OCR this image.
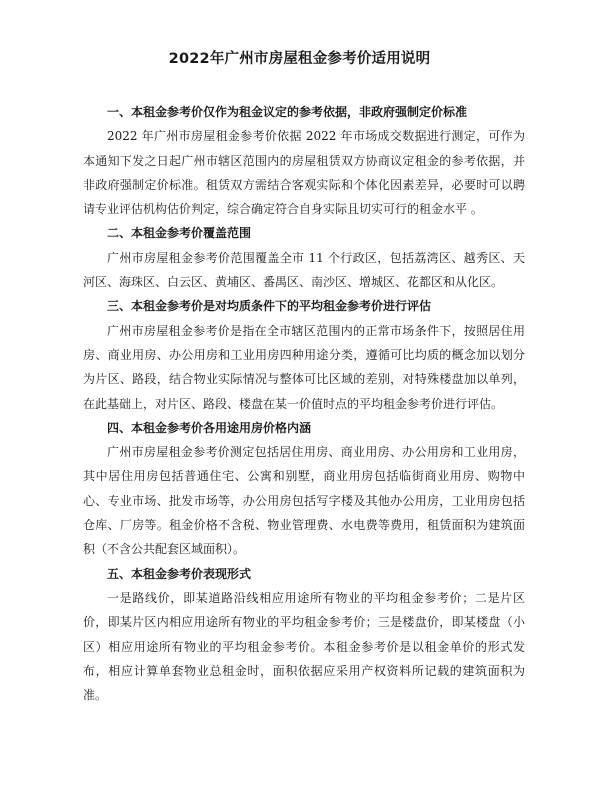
2022年广州市房屋租金参考价适用说明

一、本租金参考价仅作为租金议定的参考依据，非政府强制定价标准

2022 年广州市房屋租金参考价依据 2022 年市场成交数据进行测定，可作为本通知下发之日起广州市辖区范围内的房屋租赁双方协商议定租金的参考依据，并非政府强制定价标准。租赁双方需结合客观实际和个体化因素差异，必要时可以聘请专业评估机构估价判定，综合确定符合自身实际且切实可行的租金水平 。

二、本租金参考价覆盖范围

广州市房屋租金参考价范围覆盖全市 11 个行政区，包括荔湾区、越秀区、天河区、海珠区、白云区、黄埔区、番禺区、南沙区、增城区、花都区和从化区。

三、本租金参考价是对均质条件下的平均租金参考价进行评估

广州市房屋租金参考价是指在全市辖区范围内的正常市场条件下，按照居住用房、商业用房、办公用房和工业用房四种用途分类，遵循可比均质的概念加以划分为片区、路段，结合物业实际情况与整体可比区域的差别，对特殊楼盘加以单列，在此基础上，对片区、路段、楼盘在某一价值时点的平均租金参考价进行评估。

四、本租金参考价各用途用房价格内涵

广州市房屋租金参考价测定包括居住用房、商业用房、办公用房和工业用房，其中居住用房包括普通住宅、公寓和别墅，商业用房包括临街商业用房、购物中心、专业市场、批发市场等，办公用房包括写字楼及其他办公用房，工业用房包括仓库、厂房等。租金价格不含税、物业管理费、水电费等费用，租赁面积为建筑面积（不含公共配套区域面积）。

五、本租金参考价表现形式

一是路线价，即某道路沿线相应用途所有物业的平均租金参考价；二是片区价，即某片区内相应用途所有物业的平均租金参考价；三是楼盘价，即某楼盘（小区）相应用途所有物业的平均租金参考价。本租金参考价是以租金单价的形式发布，相应计算单套物业总租金时，面积依据应采用产权资料所记载的建筑面积为准。
